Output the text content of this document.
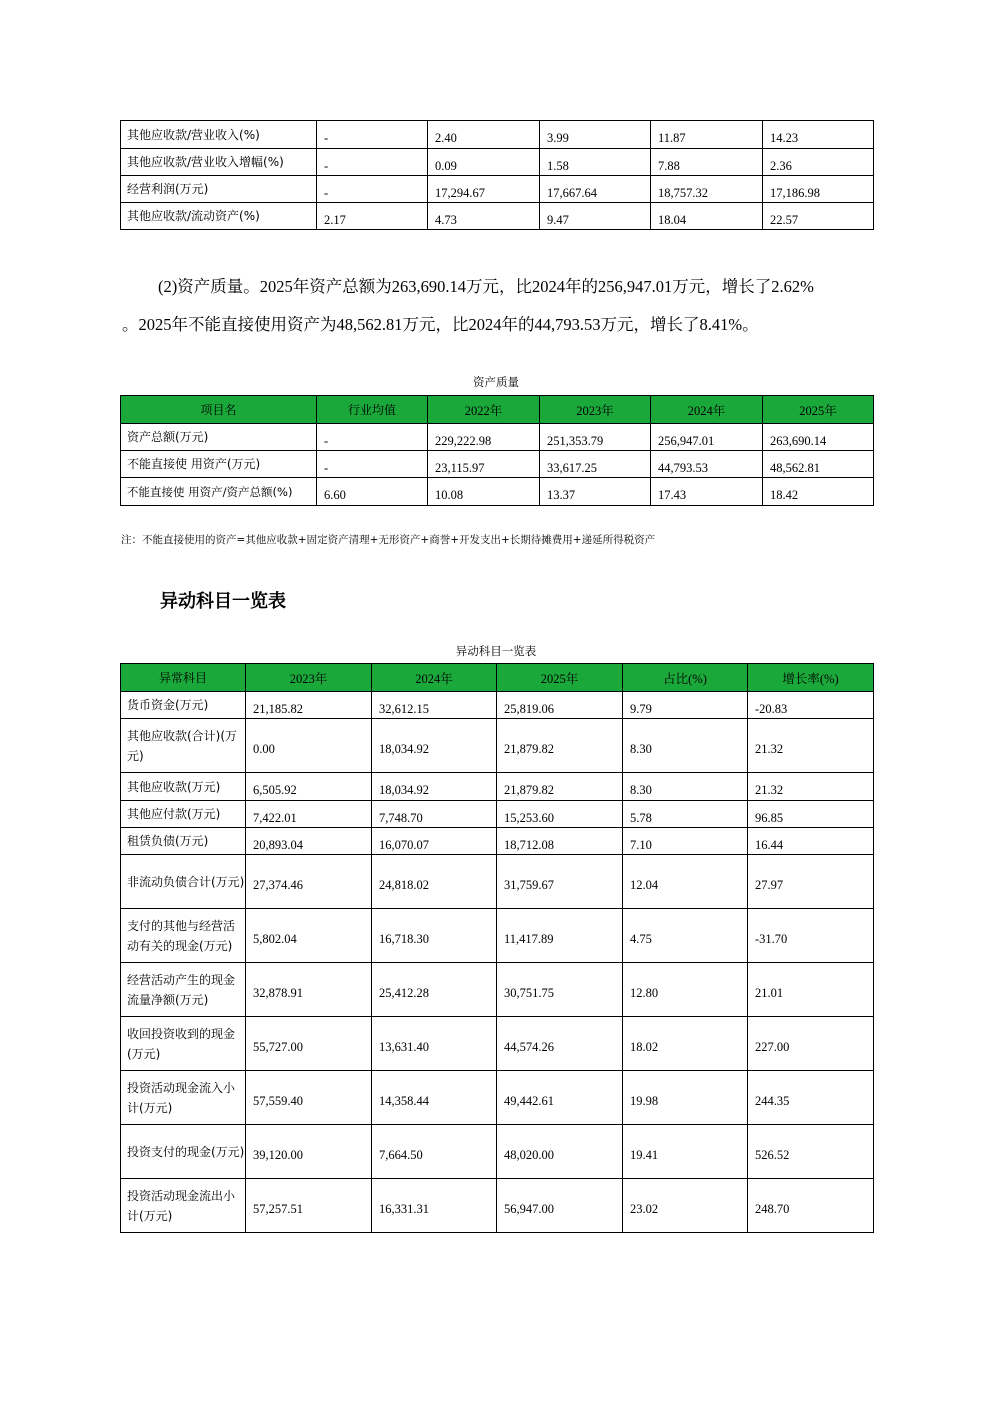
其他应收款/营业收入(%)	-	2.40	3.99	11.87	14.23
其他应收款/营业收入增幅(%)	-	0.09	1.58	7.88	2.36
经营利润(万元)	-	17,294.67	17,667.64	18,757.32	17,186.98
其他应收款/流动资产(%)	2.17	4.73	9.47	18.04	22.57
(2)资产质量。2025年资产总额为263,690.14万元，比2024年的256,947.01万元，增长了2.62%
。2025年不能直接使用资产为48,562.81万元，比2024年的44,793.53万元，增长了8.41%。
资产质量
项目名	行业均值	2022年	2023年	2024年	2025年
资产总额(万元)	-	229,222.98	251,353.79	256,947.01	263,690.14
不能直接使 用资产(万元)	-	23,115.97	33,617.25	44,793.53	48,562.81
不能直接使 用资产/资产总额(%)	6.60	10.08	13.37	17.43	18.42
注：不能直接使用的资产=其他应收款+固定资产清理+无形资产+商誉+开发支出+长期待摊费用+递延所得税资产
异动科目一览表
异动科目一览表
异常科目	2023年	2024年	2025年	占比(%)	增长率(%)
货币资金(万元)	21,185.82	32,612.15	25,819.06	9.79	-20.83
其他应收款(合计)(万元)	0.00	18,034.92	21,879.82	8.30	21.32
其他应收款(万元)	6,505.92	18,034.92	21,879.82	8.30	21.32
其他应付款(万元)	7,422.01	7,748.70	15,253.60	5.78	96.85
租赁负债(万元)	20,893.04	16,070.07	18,712.08	7.10	16.44
非流动负债合计(万元)	27,374.46	24,818.02	31,759.67	12.04	27.97
支付的其他与经营活动有关的现金(万元)	5,802.04	16,718.30	11,417.89	4.75	-31.70
经营活动产生的现金流量净额(万元)	32,878.91	25,412.28	30,751.75	12.80	21.01
收回投资收到的现金(万元)	55,727.00	13,631.40	44,574.26	18.02	227.00
投资活动现金流入小计(万元)	57,559.40	14,358.44	49,442.61	19.98	244.35
投资支付的现金(万元)	39,120.00	7,664.50	48,020.00	19.41	526.52
投资活动现金流出小计(万元)	57,257.51	16,331.31	56,947.00	23.02	248.70
